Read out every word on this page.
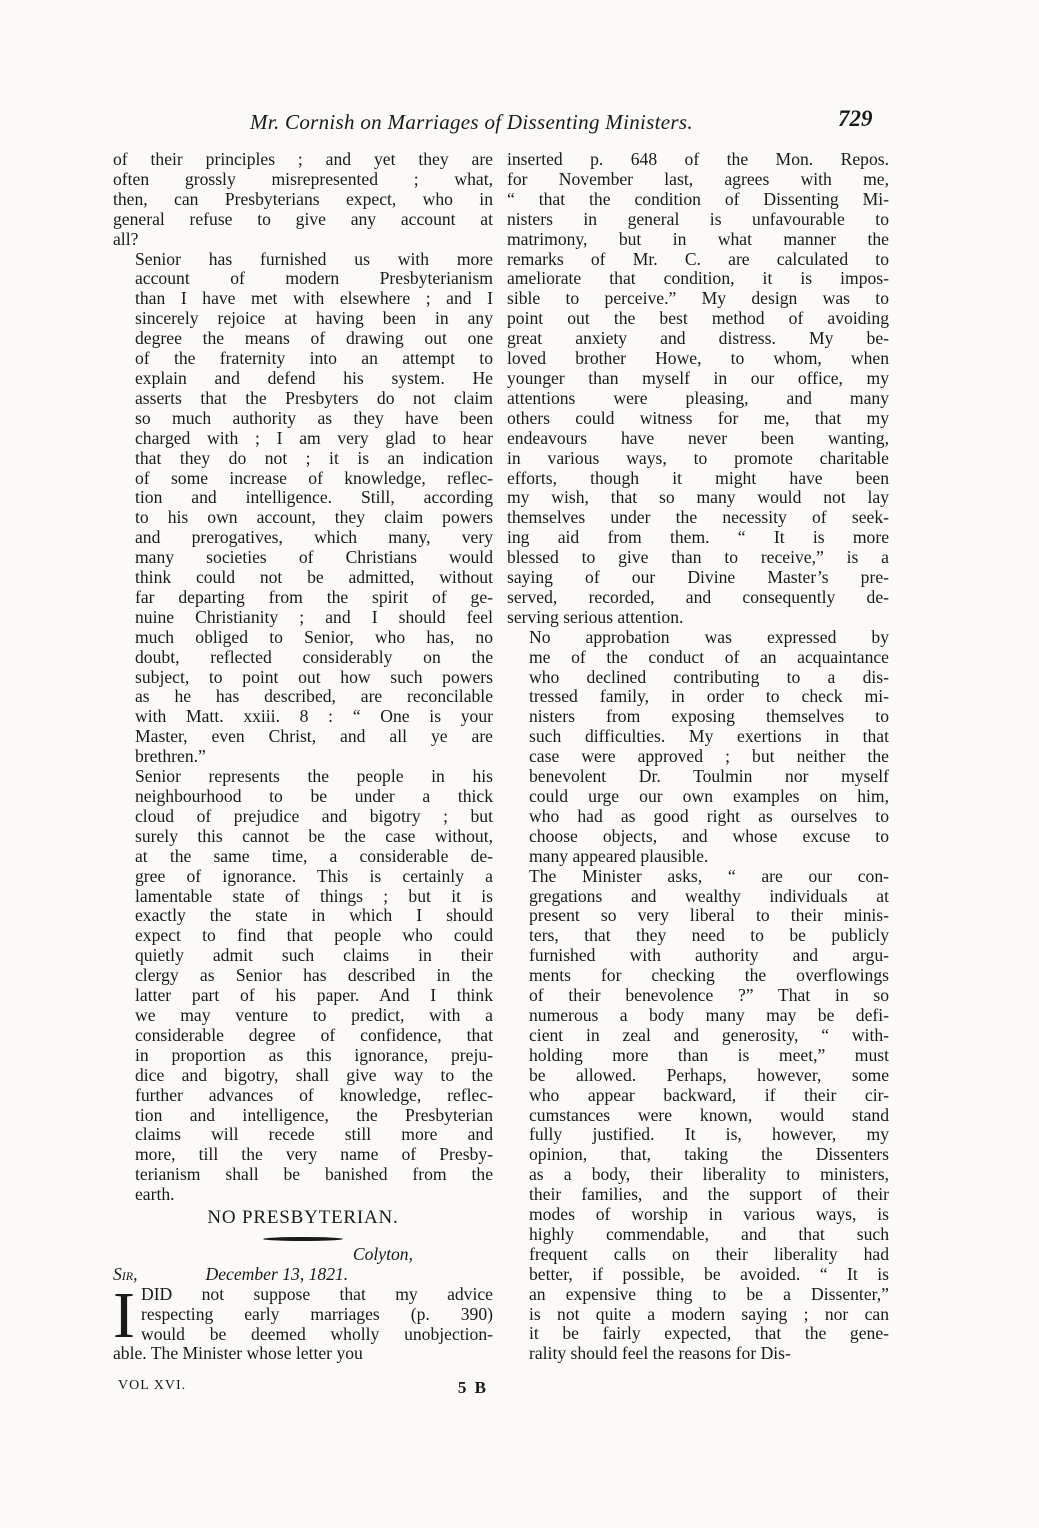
Mr. Cornish on Marriages of Dissenting Ministers.	729

of their principles ; and yet they are
often grossly misrepresented ; what,
then, can Presbyterians expect, who in
general refuse to give any account at
all?

Senior has furnished us with more
account of modern Presbyterianism
than I have met with elsewhere ; and I
sincerely rejoice at having been in any
degree the means of drawing out one
of the fraternity into an attempt to
explain and defend his system. He
asserts that the Presbyters do not claim
so much authority as they have been
charged with ; I am very glad to hear
that they do not ; it is an indication
of some increase of knowledge, reflec-
tion and intelligence. Still, according
to his own account, they claim powers
and prerogatives, which many, very
many societies of Christians would
think could not be admitted, without
far departing from the spirit of ge-
nuine Christianity ; and I should feel
much obliged to Senior, who has, no
doubt, reflected considerably on the
subject, to point out how such powers
as he has described, are reconcilable
with Matt. xxiii. 8 : “ One is your
Master, even Christ, and all ye are
brethren.”

Senior represents the people in his
neighbourhood to be under a thick
cloud of prejudice and bigotry ; but
surely this cannot be the case without,
at the same time, a considerable de-
gree of ignorance. This is certainly a
lamentable state of things ; but it is
exactly the state in which I should
expect to find that people who could
quietly admit such claims in their
clergy as Senior has described in the
latter part of his paper. And I think
we may venture to predict, with a
considerable degree of confidence, that
in proportion as this ignorance, preju-
dice and bigotry, shall give way to the
further advances of knowledge, reflec-
tion and intelligence, the Presbyterian
claims will recede still more and
more, till the very name of Presby-
terianism shall be banished from the
earth.

NO PRESBYTERIAN.
Colyton,
Sir,	December 13, 1821.
I DID not suppose that my advice
respecting early marriages (p. 390)
would be deemed wholly unobjection-
able. The Minister whose letter you

inserted p. 648 of the Mon. Repos.
for November last, agrees with me,
“ that the condition of Dissenting Mi-
nisters in general is unfavourable to
matrimony, but in what manner the
remarks of Mr. C. are calculated to
ameliorate that condition, it is impos-
sible to perceive.” My design was to
point out the best method of avoiding
great anxiety and distress. My be-
loved brother Howe, to whom, when
younger than myself in our office, my
attentions were pleasing, and many
others could witness for me, that my
endeavours have never been wanting,
in various ways, to promote charitable
efforts, though it might have been
my wish, that so many would not lay
themselves under the necessity of seek-
ing aid from them. “ It is more
blessed to give than to receive,” is a
saying of our Divine Master’s pre-
served, recorded, and consequently de-
serving serious attention.

No approbation was expressed by
me of the conduct of an acquaintance
who declined contributing to a dis-
tressed family, in order to check mi-
nisters from exposing themselves to
such difficulties. My exertions in that
case were approved ; but neither the
benevolent Dr. Toulmin nor myself
could urge our own examples on him,
who had as good right as ourselves to
choose objects, and whose excuse to
many appeared plausible.

The Minister asks, “ are our con-
gregations and wealthy individuals at
present so very liberal to their minis-
ters, that they need to be publicly
furnished with authority and argu-
ments for checking the overflowings
of their benevolence ?” That in so
numerous a body many may be defi-
cient in zeal and generosity, “ with-
holding more than is meet,” must
be allowed. Perhaps, however, some
who appear backward, if their cir-
cumstances were known, would stand
fully justified. It is, however, my
opinion, that, taking the Dissenters
as a body, their liberality to ministers,
their families, and the support of their
modes of worship in various ways, is
highly commendable, and that such
frequent calls on their liberality had
better, if possible, be avoided. “ It is
an expensive thing to be a Dissenter,”
is not quite a modern saying ; nor can
it be fairly expected, that the gene-
rality should feel the reasons for Dis-

VOL XVI.	5 B
